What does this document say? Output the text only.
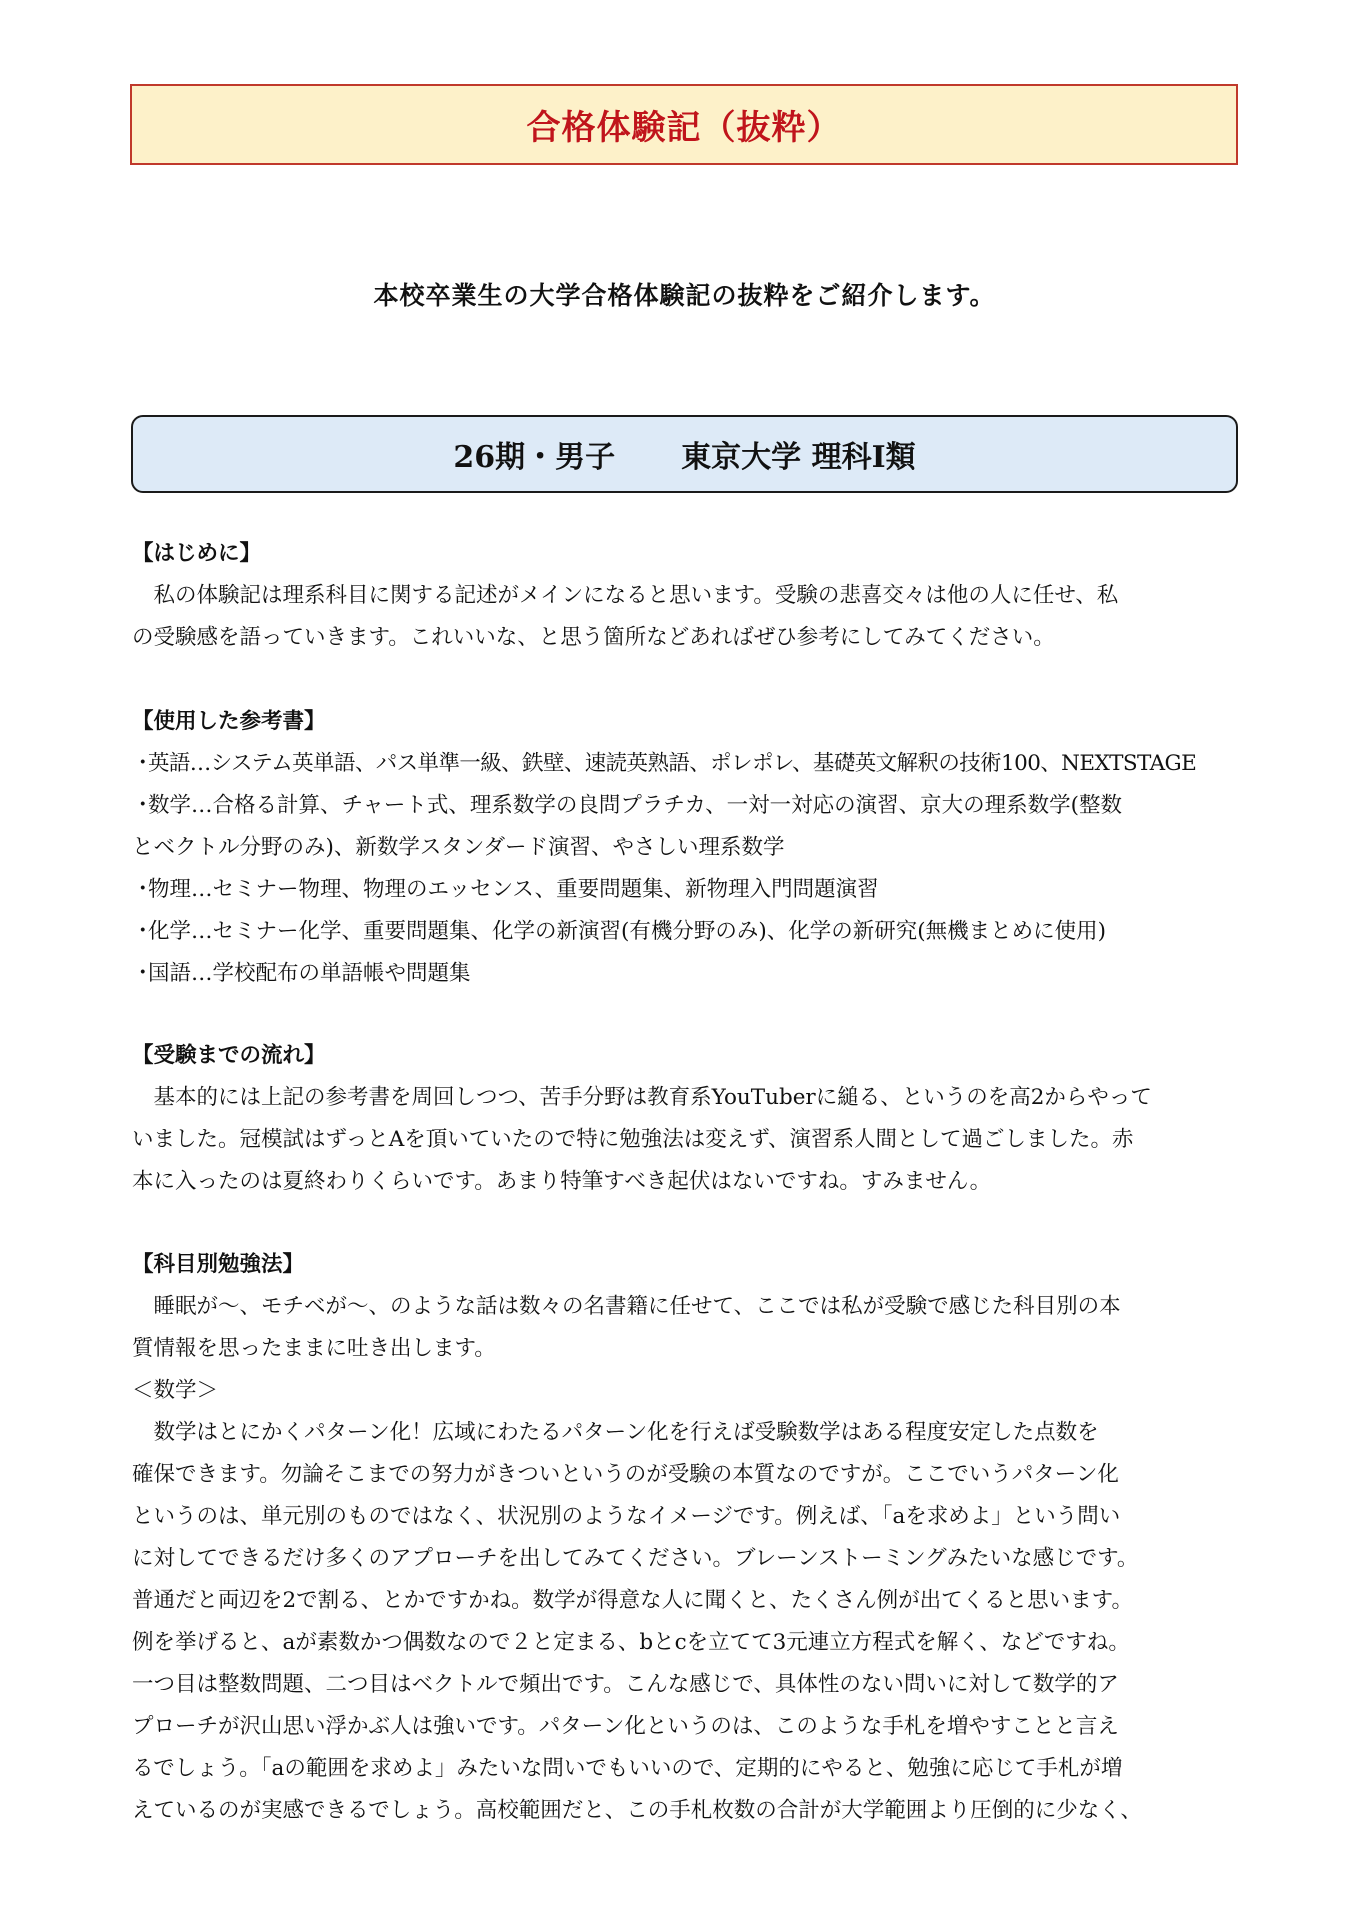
合格体験記（抜粋）
本校卒業生の大学合格体験記の抜粋をご紹介します。
26期・男子 東京大学 理科Ⅰ類
【はじめに】
私の体験記は理系科目に関する記述がメインになると思います。受験の悲喜交々は他の人に任せ、私
の受験感を語っていきます。これいいな、と思う箇所などあればぜひ参考にしてみてください。
【使用した参考書】
・
英語…システム英単語、パス単準一級、鉄壁、速読英熟語、ポレポレ、基礎英文解釈の技術100、NEXTSTAGE
・
数学…合格る計算、チャート式、理系数学の良問プラチカ、一対一対応の演習、京大の理系数学(整数
とベクトル分野のみ)、新数学スタンダード演習、やさしい理系数学
・
物理…セミナー物理、物理のエッセンス、重要問題集、新物理入門問題演習
・
化学…セミナー化学、重要問題集、化学の新演習(有機分野のみ)、化学の新研究(無機まとめに使用)
・
国語…学校配布の単語帳や問題集
【受験までの流れ】
基本的には上記の参考書を周回しつつ、苦手分野は教育系YouTuberに縋る、というのを高2からやって
いました。冠模試はずっとAを頂いていたので特に勉強法は変えず、演習系人間として過ごしました。赤
本に入ったのは夏終わりくらいです。あまり特筆すべき起伏はないですね。すみません。
【科目別勉強法】
睡眠が〜、モチベが〜、のような話は数々の名書籍に任せて、ここでは私が受験で感じた科目別の本
質情報を思ったままに吐き出します。
＜数学＞
数学はとにかくパターン化！広域にわたるパターン化を行えば受験数学はある程度安定した点数を
確保できます。勿論そこまでの努力がきついというのが受験の本質なのですが。ここでいうパターン化
というのは、単元別のものではなく、状況別のようなイメージです。例えば、「aを求めよ」という問い
に対してできるだけ多くのアプローチを出してみてください。ブレーンストーミングみたいな感じです。
普通だと両辺を2で割る、とかですかね。数学が得意な人に聞くと、たくさん例が出てくると思います。
例を挙げると、aが素数かつ偶数なので２と定まる、bとcを立てて3元連立方程式を解く、などですね。
一つ目は整数問題、二つ目はベクトルで頻出です。こんな感じで、具体性のない問いに対して数学的ア
プローチが沢山思い浮かぶ人は強いです。パターン化というのは、このような手札を増やすことと言え
るでしょう。「aの範囲を求めよ」みたいな問いでもいいので、定期的にやると、勉強に応じて手札が増
えているのが実感できるでしょう。高校範囲だと、この手札枚数の合計が大学範囲より圧倒的に少なく、
